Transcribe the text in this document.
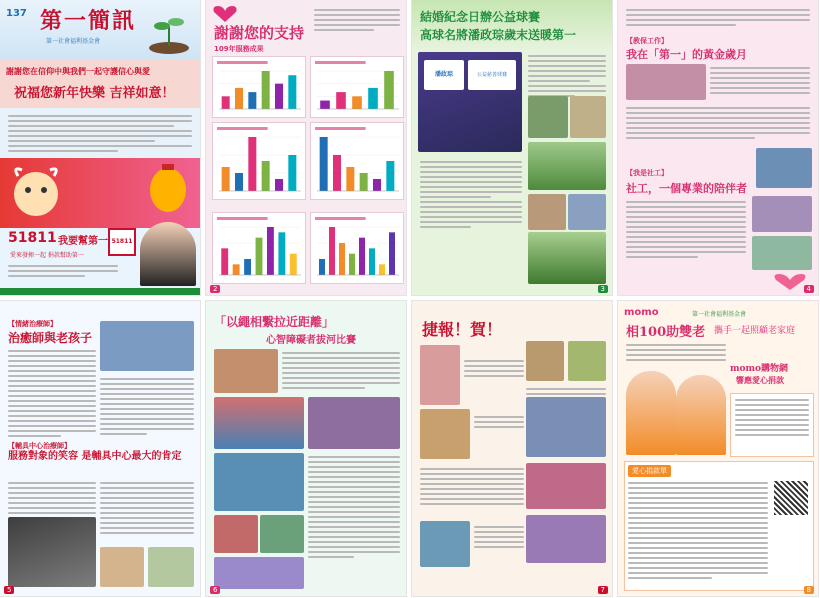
137 第一簡訊
第一社會福利基金會
謝謝您在信仰中與我們一起守護信心與愛
祝福您新年快樂 吉祥如意！
51811 我要幫第一
愛來發揮一起 捐款幫助第一
51811
謝謝您的支持
109年服務成果
2
結婚紀念日辦公益球賽
高球名將潘政琮歲末送暖第一
潘政琮	公益慈善球賽
3
【教保工作】
我在「第一」的黃金歲月
【我是社工】
社工，一個專業的陪伴者
4
【情緒治療師】
治癒師與老孩子
【輔具中心治療師】
服務對象的笑容 是輔具中心最大的肯定
5
「以繩相繫拉近距離」
心智障礙者拔河比賽
6
捷報！賀！
7
momo	第一社會福利基金會
相100助雙老 攜手一起照顧老家庭
momo購物網
響應愛心捐款
愛心捐款單
8
